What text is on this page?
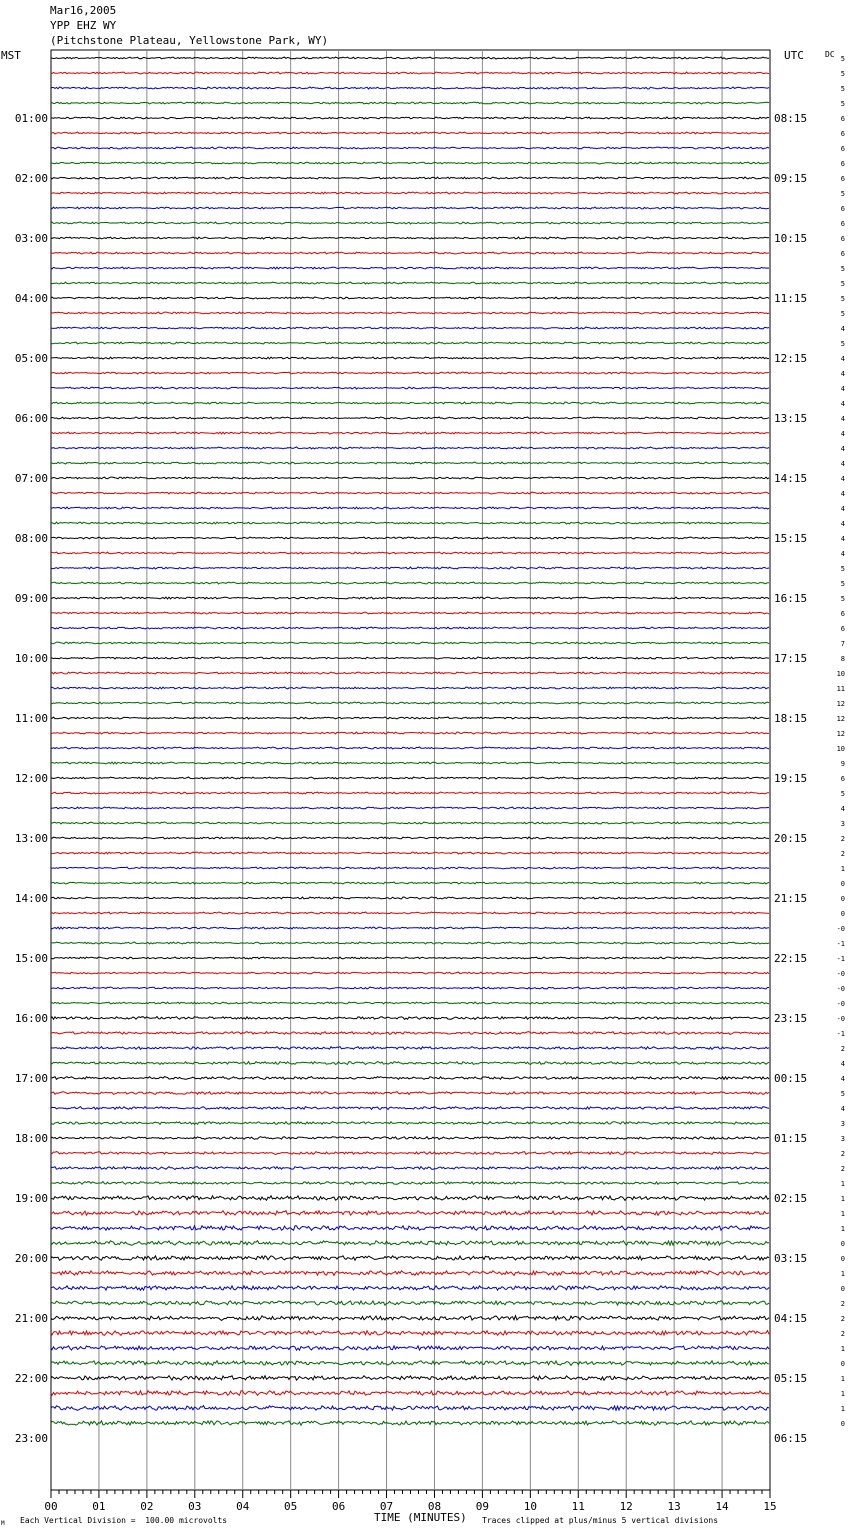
Mar16,2005
YPP EHZ WY
(Pitchstone Plateau, Yellowstone Park, WY)
MST	UTC	DC
TIME (MINUTES)
Each Vertical Division =  100.00 microvolts	Traces clipped at plus/minus 5 vertical divisions
M
01:00
02:00
03:00
04:00
05:00
06:00
07:00
08:00
09:00
10:00
11:00
12:00
13:00
14:00
15:00
16:00
17:00
18:00
19:00
20:00
21:00
22:00
23:00
08:15
09:15
10:15
11:15
12:15
13:15
14:15
15:15
16:15
17:15
18:15
19:15
20:15
21:15
22:15
23:15
00:15
01:15
02:15
03:15
04:15
05:15
06:15
5
5
5
5
6
6
6
6
6
5
6
6
6
6
5
5
5
5
4
5
4
4
4
4
4
4
4
4
4
4
4
4
4
4
5
5
5
6
6
7
8
10
11
12
12
12
10
9
6
5
4
3
2
2
1
0
0
0
-0
-1
-1
-0
-0
-0
-0
-1
2
4
4
5
4
3
3
2
2
1
1
1
1
0
0
1
0
2
2
2
1
0
1
1
1
0
00	01	02	03	04	05	06	07	08	09	10	11	12	13	14	15
